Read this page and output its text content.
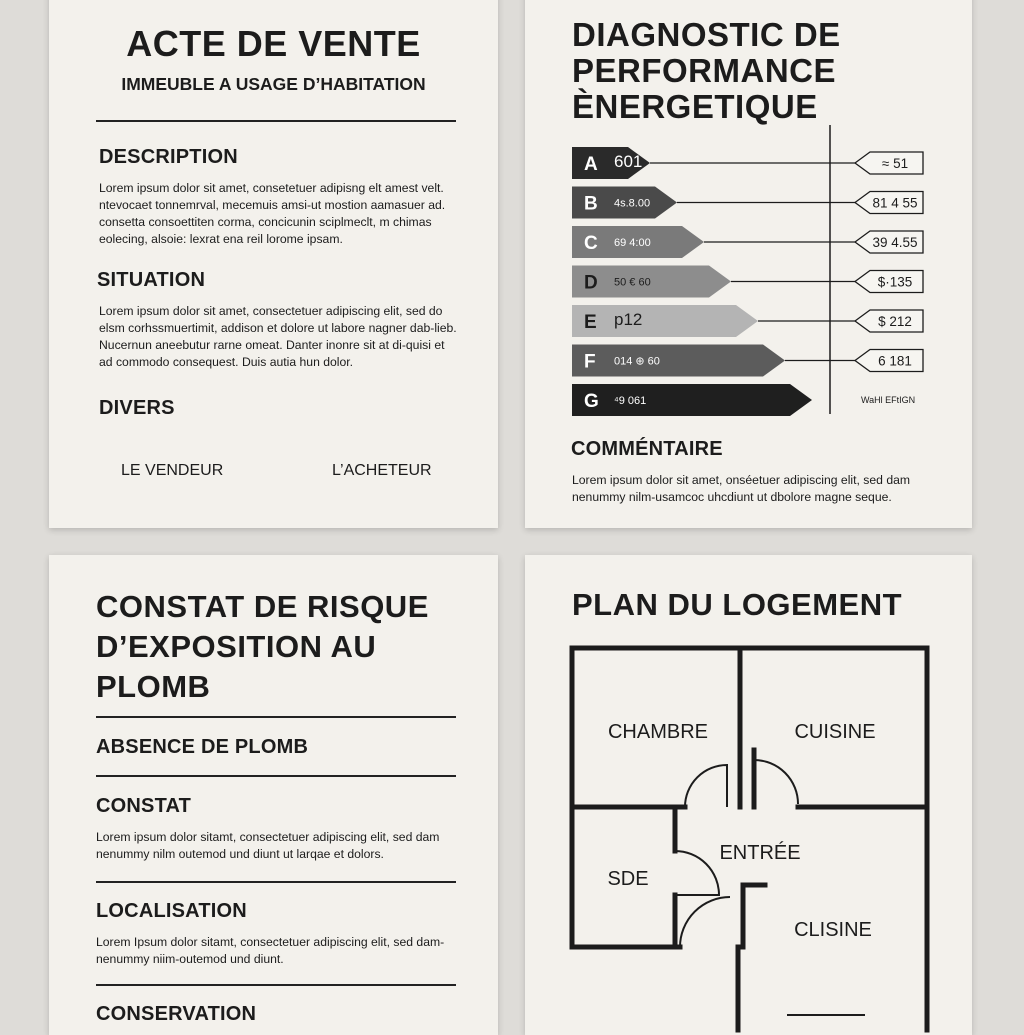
ACTE DE VENTE
IMMEUBLE A USAGE D’HABITATION
DESCRIPTION
Lorem ipsum dolor sit amet, consetetuer adipisng elt amest velt. ntevocaet tonnemrval, mecemuis amsi-ut mostion aamasuer ad. consetta consoettiten corma, concicunin sciplmeclt, m chimas eolecing, alsoie: lexrat ena reil lorome ipsam.
SITUATION
Lorem ipsum dolor sit amet, consectetuer adipiscing elit, sed do elsm corhssmuertimit, addison et dolore ut labore nagner dab-lieb. Nucernun aneebutur rarne omeat. Danter inonre sit at di-quisi et ad commodo consequest. Duis autia hun dolor.
DIVERS
LE VENDEUR	L’ACHETEUR
DIAGNOSTIC DE
PERFORMANCE
ÈNERGETIQUE
A 601	≈ 51
B 4s.8.00	81 4 55
C 69 4:00	39 4.55
D 50 € 60	$·135
E p12	$ 212
F 014 ⊕ 60	6 181
G ⁴9 061	WaHl EFtIGN
COMMÉNTAIRE
Lorem ipsum dolor sit amet, onséetuer adipiscing elit, sed dam nenummy nilm-usamcoc uhcdiunt ut dbolore magne seque.
CONSTAT DE RISQUE
D’EXPOSITION AU
PLOMB
ABSENCE DE PLOMB
CONSTAT
Lorem ipsum dolor sitamt, consectetuer adipiscing elit, sed dam nenummy nilm outemod und diunt ut larqae et dolors.
LOCALISATION
Lorem Ipsum dolor sitamt, consectetuer adipiscing elit, sed dam-nenummy niim-outemod und diunt.
CONSERVATION
PLAN DU LOGEMENT
CHAMBRE	CUISINE
ENTRÉE
SDE
CLISINE
